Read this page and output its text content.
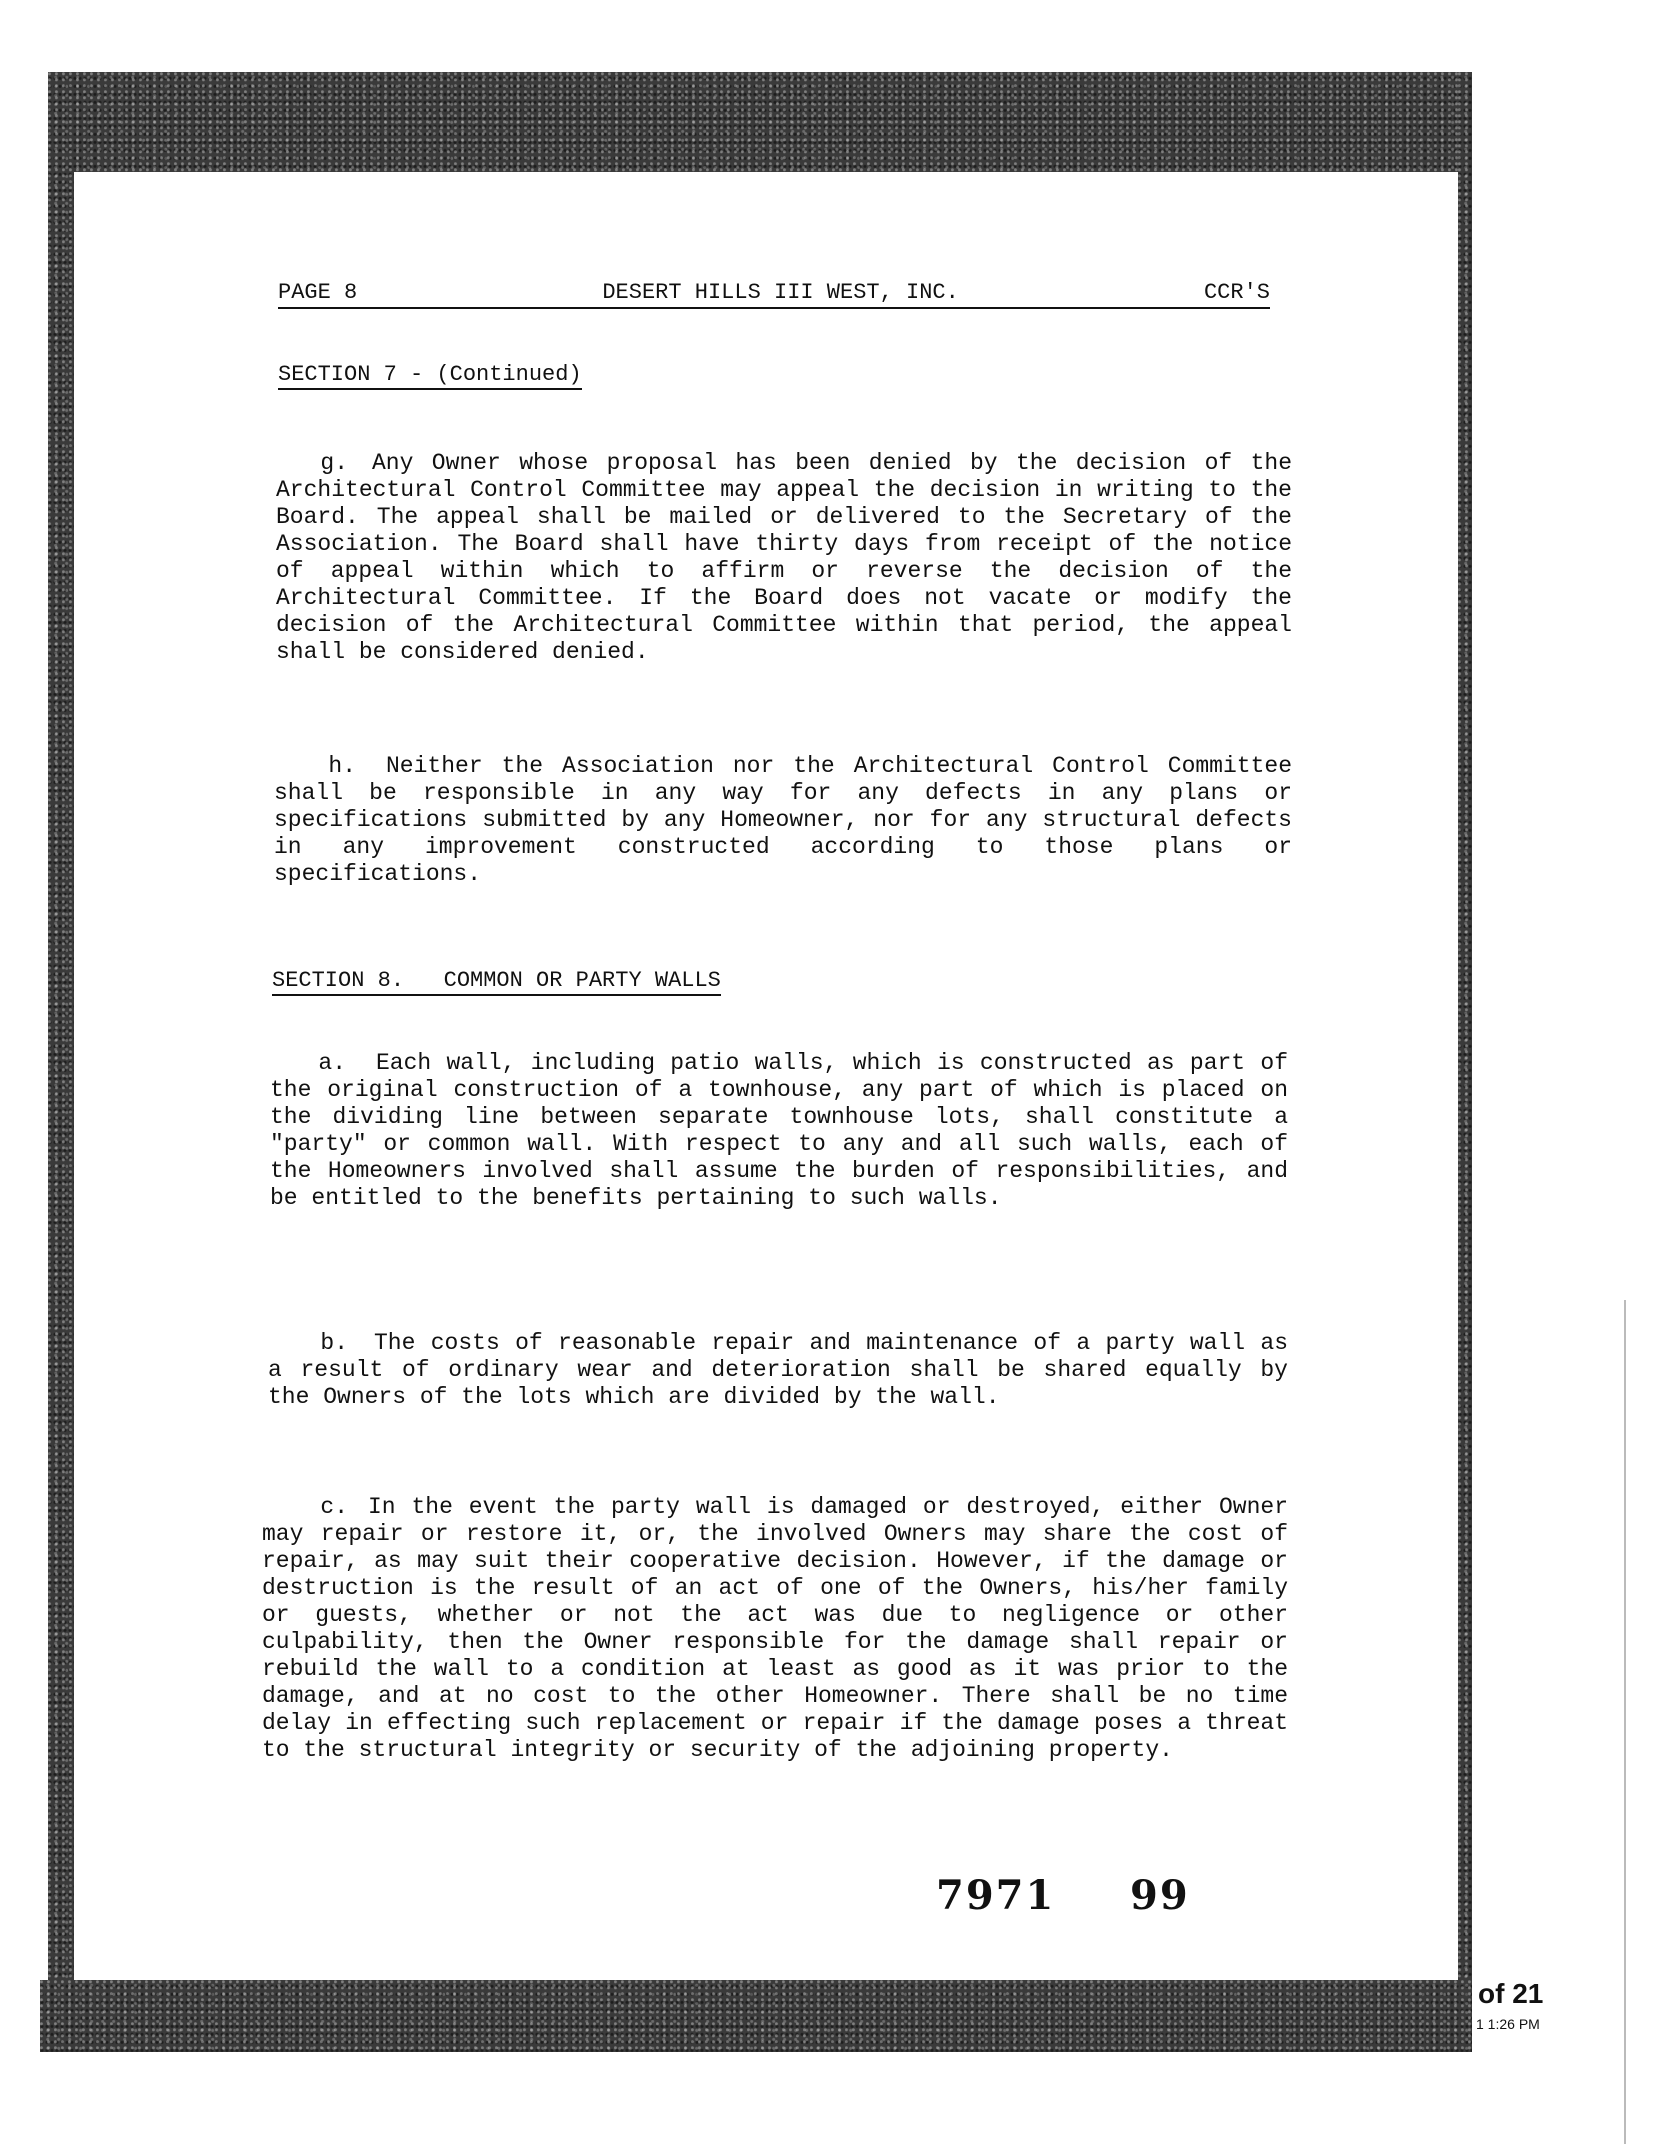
PAGE 8	DESERT HILLS III WEST, INC.	CCR'S
SECTION 7 - (Continued)
g. Any Owner whose proposal has been denied by the decision of the Architectural Control Committee may appeal the decision in writing to the Board. The appeal shall be mailed or delivered to the Secretary of the Association. The Board shall have thirty days from receipt of the notice of appeal within which to affirm or reverse the decision of the Architectural Committee. If the Board does not vacate or modify the decision of the Architectural Committee within that period, the appeal shall be considered denied.
h. Neither the Association nor the Architectural Control Committee shall be responsible in any way for any defects in any plans or specifications submitted by any Homeowner, nor for any structural defects in any improvement constructed according to those plans or specifications.
SECTION 8.   COMMON OR PARTY WALLS
a. Each wall, including patio walls, which is constructed as part of the original construction of a townhouse, any part of which is placed on the dividing line between separate townhouse lots, shall constitute a "party" or common wall. With respect to any and all such walls, each of the Homeowners involved shall assume the burden of responsibilities, and be entitled to the benefits pertaining to such walls.
b. The costs of reasonable repair and maintenance of a party wall as a result of ordinary wear and deterioration shall be shared equally by the Owners of the lots which are divided by the wall.
c. In the event the party wall is damaged or destroyed, either Owner may repair or restore it, or, the involved Owners may share the cost of repair, as may suit their cooperative decision. However, if the damage or destruction is the result of an act of one of the Owners, his/her family or guests, whether or not the act was due to negligence or other culpability, then the Owner responsible for the damage shall repair or rebuild the wall to a condition at least as good as it was prior to the damage, and at no cost to the other Homeowner. There shall be no time delay in effecting such replacement or repair if the damage poses a threat to the structural integrity or security of the adjoining property.
7971 99
of 21
1 1:26 PM
